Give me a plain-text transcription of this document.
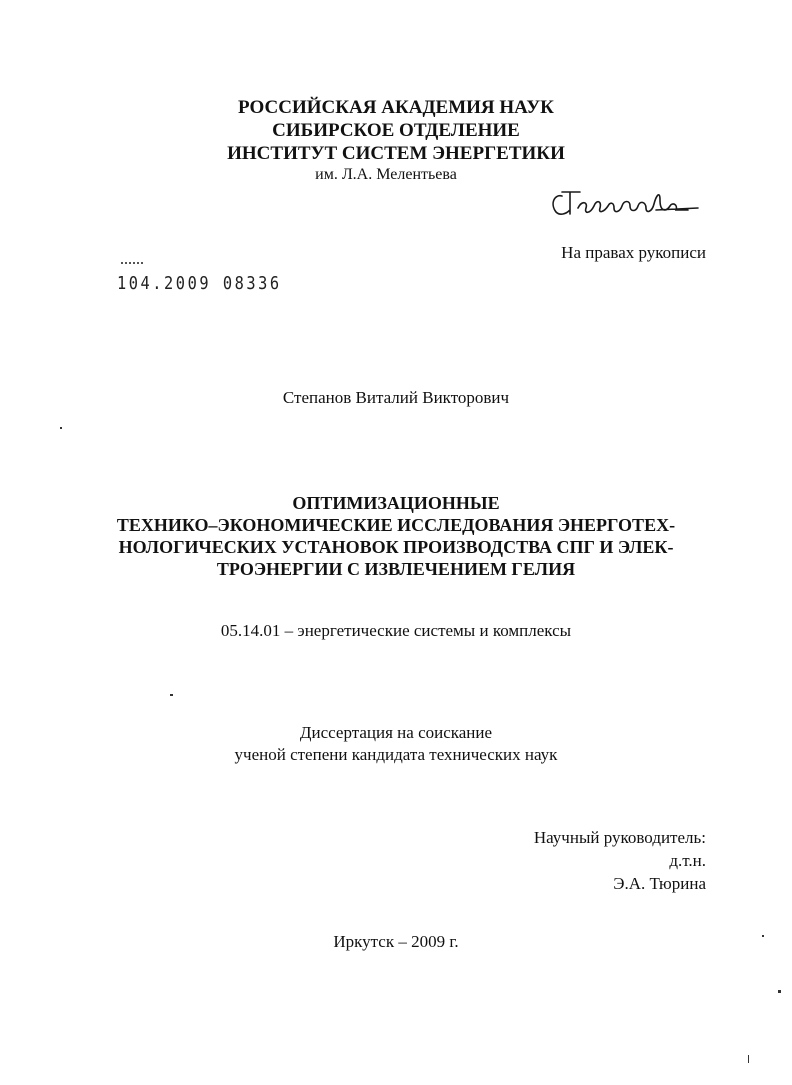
РОССИЙСКАЯ АКАДЕМИЯ НАУК
СИБИРСКОЕ ОТДЕЛЕНИЕ
ИНСТИТУТ СИСТЕМ ЭНЕРГЕТИКИ
им. Л.А. Мелентьева
На правах рукописи
104.2009 08336
Степанов Виталий Викторович
ОПТИМИЗАЦИОННЫЕ
ТЕХНИКО–ЭКОНОМИЧЕСКИЕ ИССЛЕДОВАНИЯ ЭНЕРГОТЕХ-
НОЛОГИЧЕСКИХ УСТАНОВОК ПРОИЗВОДСТВА СПГ И ЭЛЕК-
ТРОЭНЕРГИИ С ИЗВЛЕЧЕНИЕМ ГЕЛИЯ
05.14.01 – энергетические системы и комплексы
Диссертация на соискание
ученой степени кандидата технических наук
Научный руководитель:
д.т.н.
Э.А. Тюрина
Иркутск – 2009 г.
